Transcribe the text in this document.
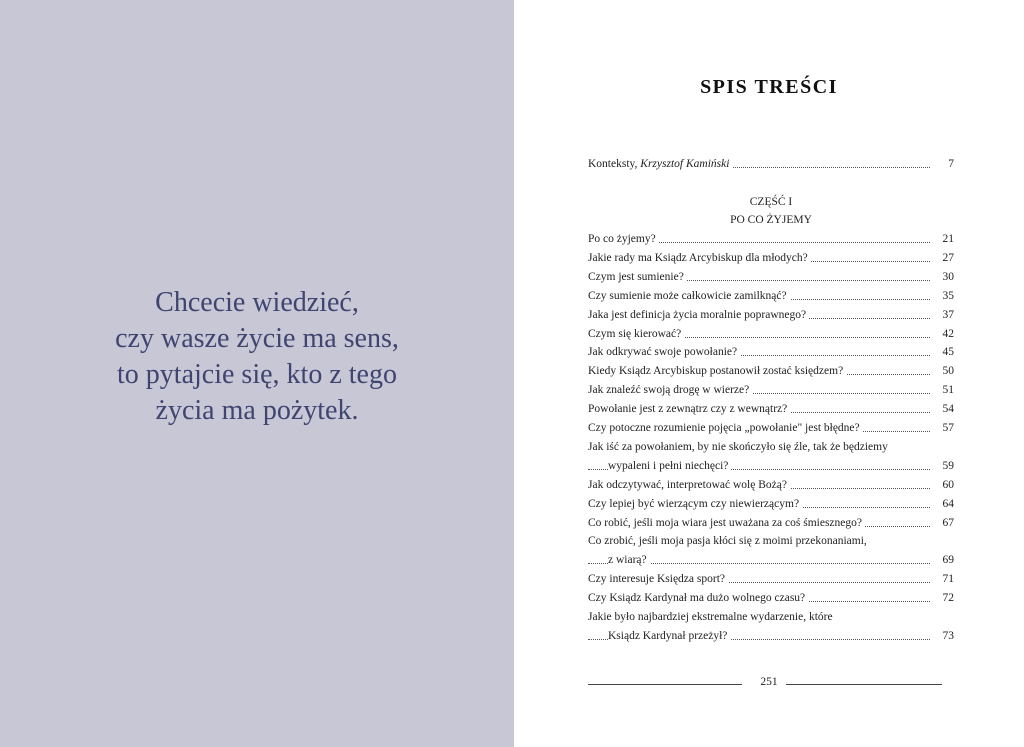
Chcecie wiedzieć,
czy wasze życie ma sens,
to pytajcie się, kto z tego
życia ma pożytek.
SPIS TREŚCI
Konteksty, Krzysztof Kamiński	7
CZĘŚĆ I
PO CO ŻYJEMY
Po co żyjemy?	21
Jakie rady ma Ksiądz Arcybiskup dla młodych?	27
Czym jest sumienie?	30
Czy sumienie może całkowicie zamilknąć?	35
Jaka jest definicja życia moralnie poprawnego?	37
Czym się kierować?	42
Jak odkrywać swoje powołanie?	45
Kiedy Ksiądz Arcybiskup postanowił zostać księdzem?	50
Jak znaleźć swoją drogę w wierze?	51
Powołanie jest z zewnątrz czy z wewnątrz?	54
Czy potoczne rozumienie pojęcia „powołanie" jest błędne?	57
Jak iść za powołaniem, by nie skończyło się źle, tak że będziemy
wypaleni i pełni niechęci?	59
Jak odczytywać, interpretować wolę Bożą?	60
Czy lepiej być wierzącym czy niewierzącym?	64
Co robić, jeśli moja wiara jest uważana za coś śmiesznego?	67
Co zrobić, jeśli moja pasja kłóci się z moimi przekonaniami,
z wiarą?	69
Czy interesuje Księdza sport?	71
Czy Ksiądz Kardynał ma dużo wolnego czasu?	72
Jakie było najbardziej ekstremalne wydarzenie, które
Ksiądz Kardynał przeżył?	73
251
